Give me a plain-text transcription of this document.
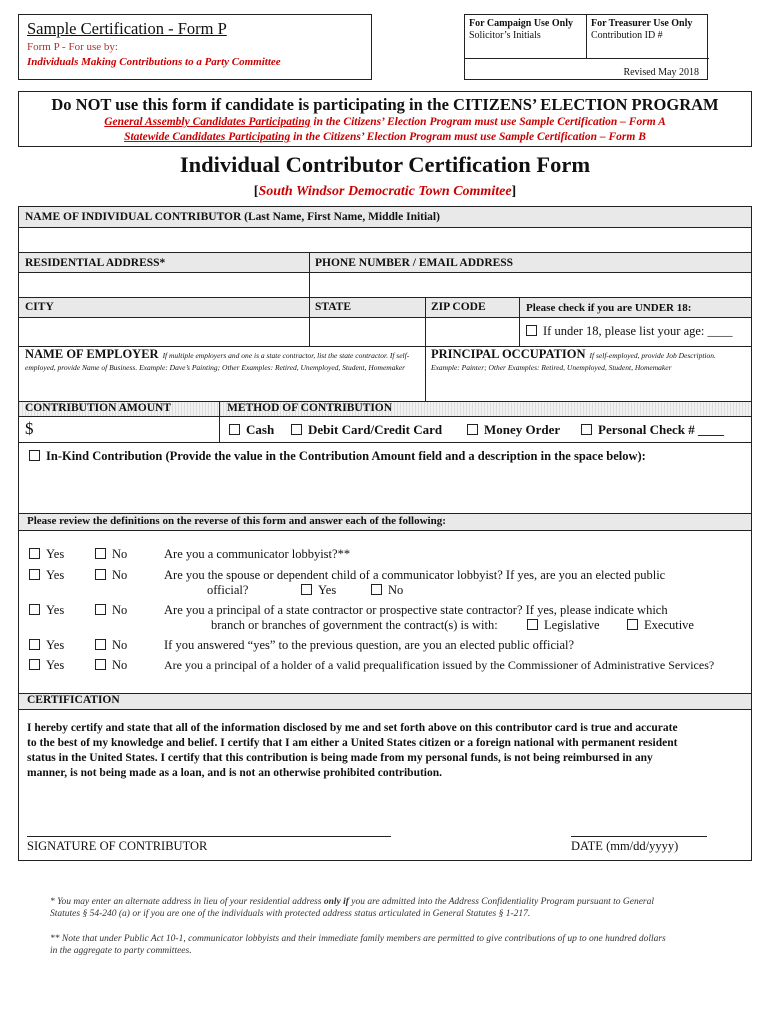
Sample Certification - Form P
Form P - For use by:
Individuals Making Contributions to a Party Committee
For Campaign Use Only
Solicitor’s Initials
For Treasurer Use Only
Contribution ID #
Revised May 2018
Do NOT use this form if candidate is participating in the CITIZENS’ ELECTION PROGRAM
General Assembly Candidates Participating in the Citizens’ Election Program must use Sample Certification – Form A
Statewide Candidates Participating in the Citizens’ Election Program must use Sample Certification – Form B
Individual Contributor Certification Form
[South Windsor Democratic Town Commitee]
NAME OF INDIVIDUAL CONTRIBUTOR (Last Name, First Name, Middle Initial)
RESIDENTIAL ADDRESS*	PHONE NUMBER / EMAIL ADDRESS
CITY	STATE	ZIP CODE	Please check if you are UNDER 18:
If under 18, please list your age: ____
NAME OF EMPLOYER If multiple employers and one is a state contractor, list the state contractor. If self-
employed, provide Name of Business. Example: Dave’s Painting; Other Examples: Retired, Unemployed, Student, Homemaker
PRINCIPAL OCCUPATION If self-employed, provide Job Description.
Example: Painter; Other Examples: Retired, Unemployed, Student, Homemaker
CONTRIBUTION AMOUNT	METHOD OF CONTRIBUTION
$	Cash	Debit Card/Credit Card	Money Order	Personal Check # ____
In-Kind Contribution (Provide the value in the Contribution Amount field and a description in the space below):
Please review the definitions on the reverse of this form and answer each of the following:
Yes	No	Are you a communicator lobbyist?**
Yes	No	Are you the spouse or dependent child of a communicator lobbyist? If yes, are you an elected public
official?	Yes	No
Yes	No	Are you a principal of a state contractor or prospective state contractor? If yes, please indicate which
branch or branches of government the contract(s) is with:	Legislative	Executive
Yes	No	If you answered “yes” to the previous question, are you an elected public official?
Yes	No	Are you a principal of a holder of a valid prequalification issued by the Commissioner of Administrative Services?
CERTIFICATION
I hereby certify and state that all of the information disclosed by me and set forth above on this contributor card is true and accurate
to the best of my knowledge and belief. I certify that I am either a United States citizen or a foreign national with permanent resident
status in the United States. I certify that this contribution is being made from my personal funds, is not being reimbursed in any
manner, is not being made as a loan, and is not an otherwise prohibited contribution.
SIGNATURE OF CONTRIBUTOR	DATE (mm/dd/yyyy)
* You may enter an alternate address in lieu of your residential address only if you are admitted into the Address Confidentiality Program pursuant to General
Statutes § 54-240 (a) or if you are one of the individuals with protected address status articulated in General Statutes § 1-217.
** Note that under Public Act 10-1, communicator lobbyists and their immediate family members are permitted to give contributions of up to one hundred dollars
in the aggregate to party committees.
